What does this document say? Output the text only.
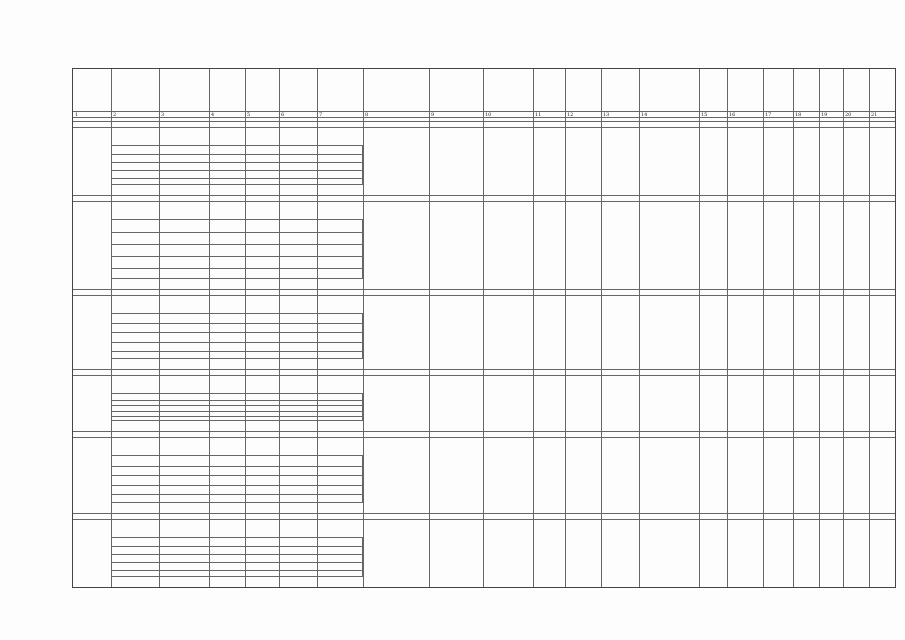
1	2	3	4	5	6	7	8	9	10	11	12	13	14	15	16	17	18	19	20	21
